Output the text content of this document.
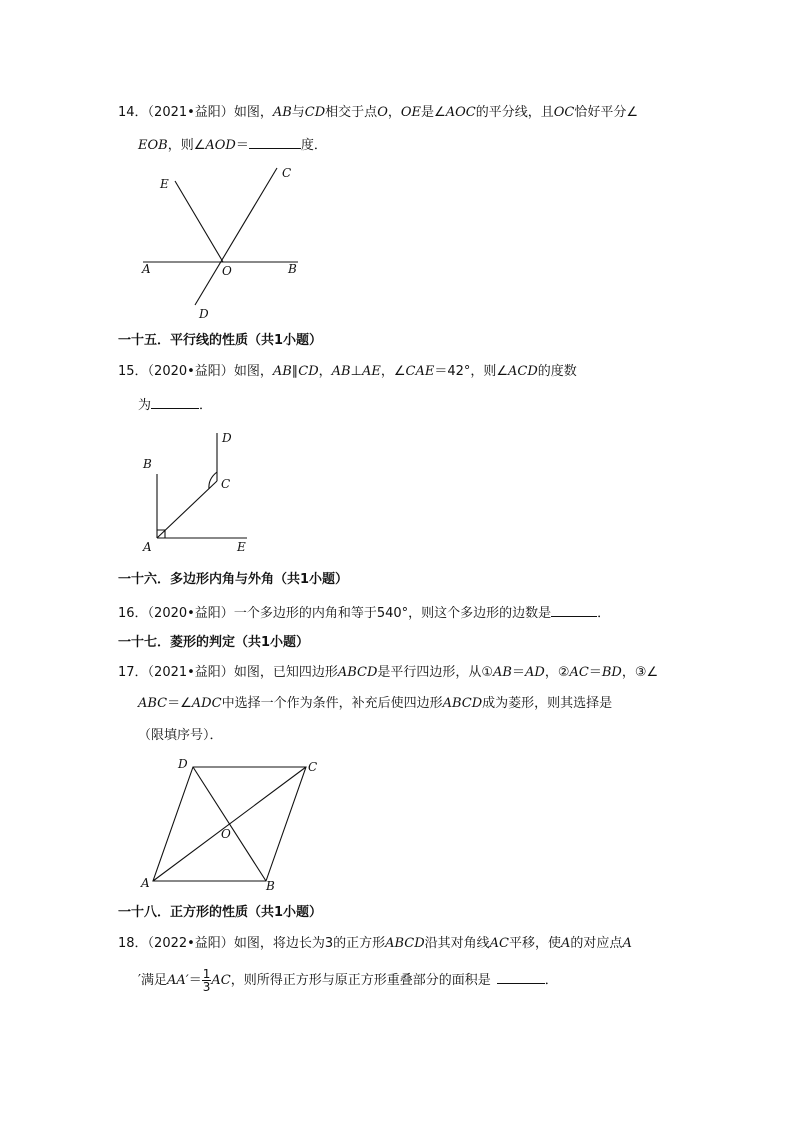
14．（2021•益阳）如图，AB与CD相交于点O，OE是∠AOC的平分线，且OC恰好平分∠
EOB，则∠AOD＝	度．
E
C
A	O	B
D
一十五．平行线的性质（共1小题）
15．（2020•益阳）如图，AB∥CD，AB⊥AE，∠CAE＝42°，则∠ACD的度数
为	．
D
B
C
A	E
一十六．多边形内角与外角（共1小题）
16．（2020•益阳）一个多边形的内角和等于540°，则这个多边形的边数是	．
一十七．菱形的判定（共1小题）
17．（2021•益阳）如图，已知四边形ABCD是平行四边形，从①AB＝AD，②AC＝BD，③∠
ABC＝∠ADC中选择一个作为条件，补充后使四边形ABCD成为菱形，则其选择是
（限填序号）．
D	C
O
A	B
一十八．正方形的性质（共1小题）
18．（2022•益阳）如图，将边长为3的正方形ABCD沿其对角线AC平移，使A的对应点A
′满足$AA'= \frac{1}{3}$ AC，则所得正方形与原正方形重叠部分的面积是	．
